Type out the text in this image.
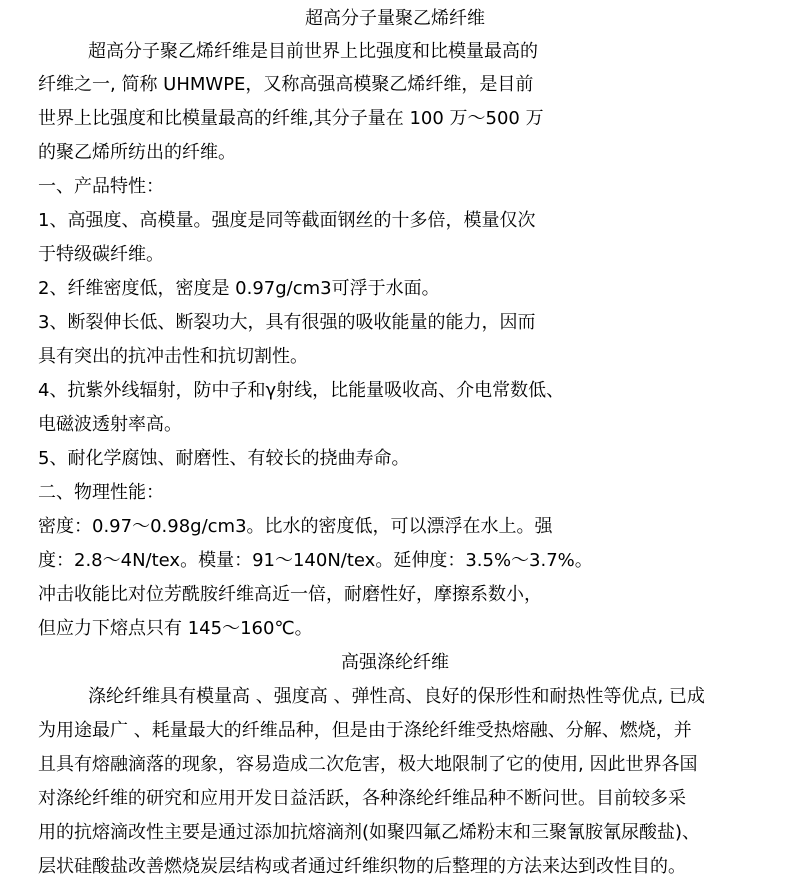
超高分子量聚乙烯纤维
超高分子聚乙烯纤维是目前世界上比强度和比模量最高的
纤维之一, 简称 UHMWPE，又称高强高模聚乙烯纤维，是目前
世界上比强度和比模量最高的纤维,其分子量在 100 万～500 万
的聚乙烯所纺出的纤维。
一、产品特性：
1、高强度、高模量。强度是同等截面钢丝的十多倍，模量仅次
于特级碳纤维。
2、纤维密度低，密度是 0.97g/cm3可浮于水面。
3、断裂伸长低、断裂功大，具有很强的吸收能量的能力，因而
具有突出的抗冲击性和抗切割性。
4、抗紫外线辐射，防中子和γ射线，比能量吸收高、介电常数低、
电磁波透射率高。
5、耐化学腐蚀、耐磨性、有较长的挠曲寿命。
二、物理性能：
密度：0.97～0.98g/cm3。比水的密度低，可以漂浮在水上。强
度：2.8～4N/tex。模量：91～140N/tex。延伸度：3.5%～3.7%。
冲击收能比对位芳酰胺纤维高近一倍，耐磨性好，摩擦系数小，
但应力下熔点只有 145～160℃。
高强涤纶纤维
涤纶纤维具有模量高 、强度高 、弹性高、良好的保形性和耐热性等优点, 已成
为用途最广 、耗量最大的纤维品种，但是由于涤纶纤维受热熔融、分解、燃烧，并
且具有熔融滴落的现象，容易造成二次危害，极大地限制了它的使用, 因此世界各国
对涤纶纤维的研究和应用开发日益活跃，各种涤纶纤维品种不断问世。目前较多采
用的抗熔滴改性主要是通过添加抗熔滴剂(如聚四氟乙烯粉末和三聚氰胺氰尿酸盐)、
层状硅酸盐改善燃烧炭层结构或者通过纤维织物的后整理的方法来达到改性目的。
